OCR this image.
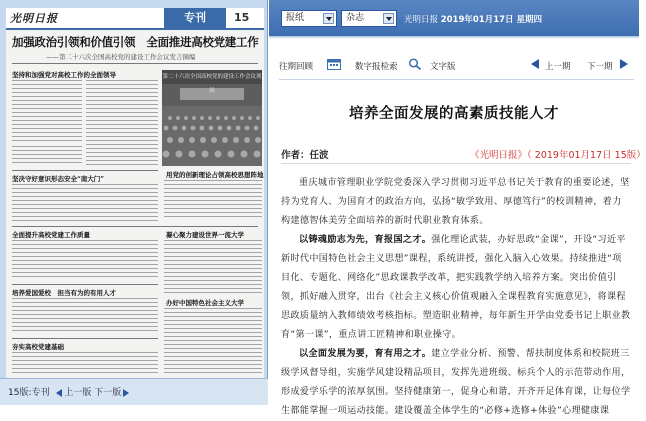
光明日报	专刊	15
加强政治引领和价值引领　全面推进高校党建工作
——第二十六次全国高校党的建设工作会议发言摘编
第二十六次全国高校党的建设工作会议现场
坚持和加强党对高校工作的全面领导
用党的创新理论占领高校思想阵地
坚决守好意识形态安全“南大门”
全面提升高校党建工作质量	凝心聚力建设世界一流大学
培养爱国爱校　担当有为的有用人才
办好中国特色社会主义大学
夯实高校党建基础
15版:专刊 上一版 下一版
报纸	杂志	光明日报 2019年01月17日 星期四
往期回顾	数字报检索	文字版	上一期 下一期
培养全面发展的高素质技能人才
作者：任波	《光明日报》（ 2019年01月17日 15版）
重庆城市管理职业学院党委深入学习贯彻习近平总书记关于教育的重要论述，坚持为党育人、为国育才的政治方向，弘扬“敏学致用、厚德笃行”的校训精神，着力构建德智体美劳全面培养的新时代职业教育体系。
以铸魂励志为先，育报国之才。强化理论武装，办好思政“金课”，开设“习近平新时代中国特色社会主义思想”课程，系统讲授，强化入脑入心效果。持续推进“项目化、专题化、网络化”思政课教学改革，把实践教学纳入培养方案。突出价值引领，抓好融入贯穿，出台《社会主义核心价值观融入全课程教育实施意见》，将课程思政质量纳入教师绩效考核指标。塑造职业精神，每年新生开学由党委书记上职业教育“第一课”，重点讲工匠精神和职业操守。
以全面发展为要，育有用之才。建立学业分析、预警、帮扶制度体系和校院班三级学风督导组，实施学风建设精品项目，发挥先进班级、标兵个人的示范带动作用，形成爱学乐学的浓厚氛围。坚持健康第一，促身心和谐，开齐开足体育课，让每位学生都能掌握一项运动技能。建设覆盖全体学生的“必修+选修+体验”心理健康课
